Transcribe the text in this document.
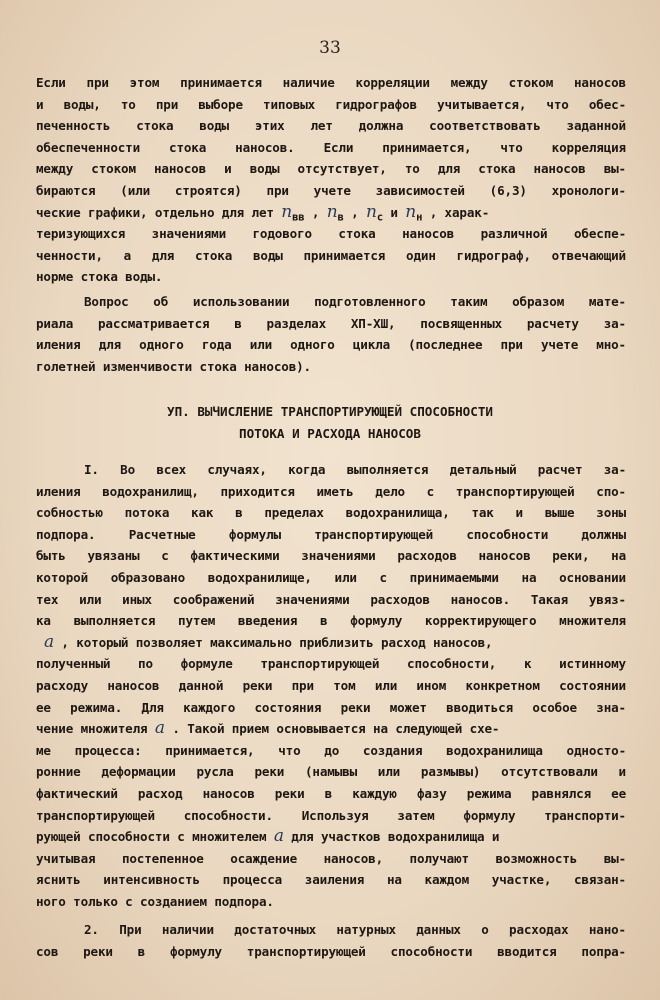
33
Если при этом принимается наличие корреляции между стоком наносов
и воды, то при выборе типовых гидрографов учитывается, что обес-
печенность стока воды этих лет должна соответствовать заданной
обеспеченности стока наносов. Если принимается, что корреляция
между стоком наносов и воды отсутствует, то для стока наносов вы-
бираются (или строятся) при учете зависимостей (6,3) хронологи-
ческие графики, отдельно для лет $n_{вв}$ , $n_в$ , $n_с$ и $n_н$ , харак-
теризующихся значениями годового стока наносов различной обеспе-
ченности, а для стока воды принимается один гидрограф, отвечающий
норме стока воды.
Вопрос об использовании подготовленного таким образом мате-
риала рассматривается в разделах ХП-ХШ, посвященных расчету за-
иления для одного года или одного цикла (последнее при учете мно-
голетней изменчивости стока наносов).
УП. ВЫЧИСЛЕНИЕ ТРАНСПОРТИРУЮЩЕЙ СПОСОБНОСТИ
ПОТОКА И РАСХОДА НАНОСОВ
I. Во всех случаях, когда выполняется детальный расчет за-
иления водохранилищ, приходится иметь дело с транспортирующей спо-
собностью потока как в пределах водохранилища, так и выше зоны
подпора. Расчетные формулы транспортирующей способности должны
быть увязаны с фактическими значениями расходов наносов реки, на
которой образовано водохранилище, или с принимаемыми на основании
тех или иных соображений значениями расходов наносов. Такая увяз-
ка выполняется путем введения в формулу корректирующего множителя
a , который позволяет максимально приблизить расход наносов,
полученный по формуле транспортирующей способности, к истинному
расходу наносов данной реки при том или ином конкретном состоянии
ее режима. Для каждого состояния реки может вводиться особое зна-
чение множителя a . Такой прием основывается на следующей схе-
ме процесса: принимается, что до создания водохранилища односто-
ронние деформации русла реки (намывы или размывы) отсутствовали и
фактический расход наносов реки в каждую фазу режима равнялся ее
транспортирующей способности. Используя затем формулу транспорти-
рующей способности с множителем a для участков водохранилища и
учитывая постепенное осаждение наносов, получают возможность вы-
яснить интенсивность процесса заиления на каждом участке, связан-
ного только с созданием подпора.
2. При наличии достаточных натурных данных о расходах нано-
сов реки в формулу транспортирующей способности вводится попра-
